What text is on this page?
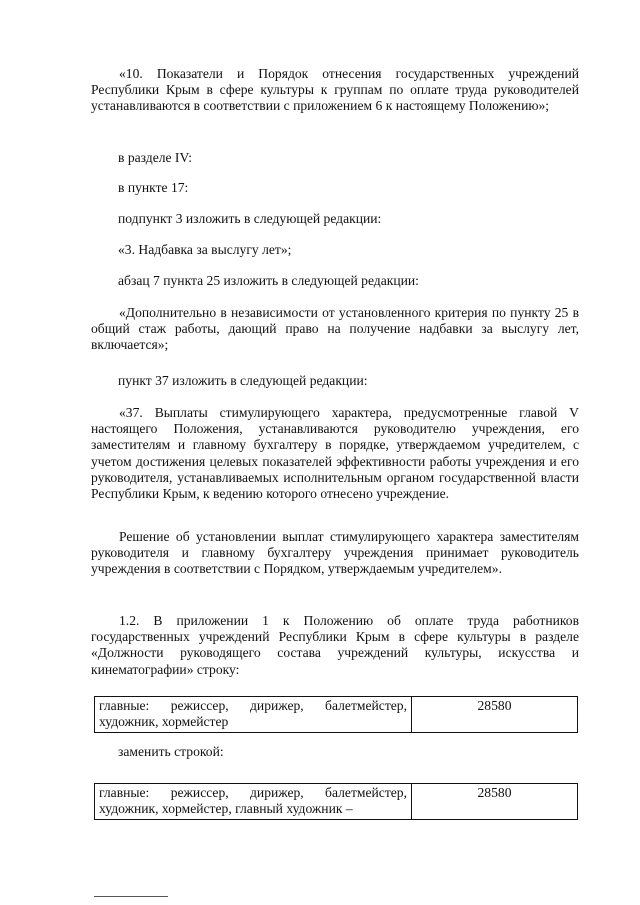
«10. Показатели и Порядок отнесения государственных учреждений Республики Крым в сфере культуры к группам по оплате труда руководителей устанавливаются в соответствии с приложением 6 к настоящему Положению»;

в разделе IV:

в пункте 17:

подпункт 3 изложить в следующей редакции:

«3. Надбавка за выслугу лет»;

абзац 7 пункта 25 изложить в следующей редакции:

«Дополнительно в независимости от установленного критерия по пункту 25 в общий стаж работы, дающий право на получение надбавки за выслугу лет, включается»;

пункт 37 изложить в следующей редакции:

«37. Выплаты стимулирующего характера, предусмотренные главой V настоящего Положения, устанавливаются руководителю учреждения, его заместителям и главному бухгалтеру в порядке, утверждаемом учредителем, с учетом достижения целевых показателей эффективности работы учреждения и его руководителя, устанавливаемых исполнительным органом государственной власти Республики Крым, к ведению которого отнесено учреждение.

Решение об установлении выплат стимулирующего характера заместителям руководителя и главному бухгалтеру учреждения принимает руководитель учреждения в соответствии с Порядком, утверждаемым учредителем».

1.2. В приложении 1 к Положению об оплате труда работников государственных учреждений Республики Крым в сфере культуры в разделе «Должности руководящего состава учреждений культуры, искусства и кинематографии» строку:

главные: режиссер, дирижер, балетмейстер, художник, хормейстер	28580

заменить строкой:

главные: режиссер, дирижер, балетмейстер, художник, хормейстер, главный художник –	28580
